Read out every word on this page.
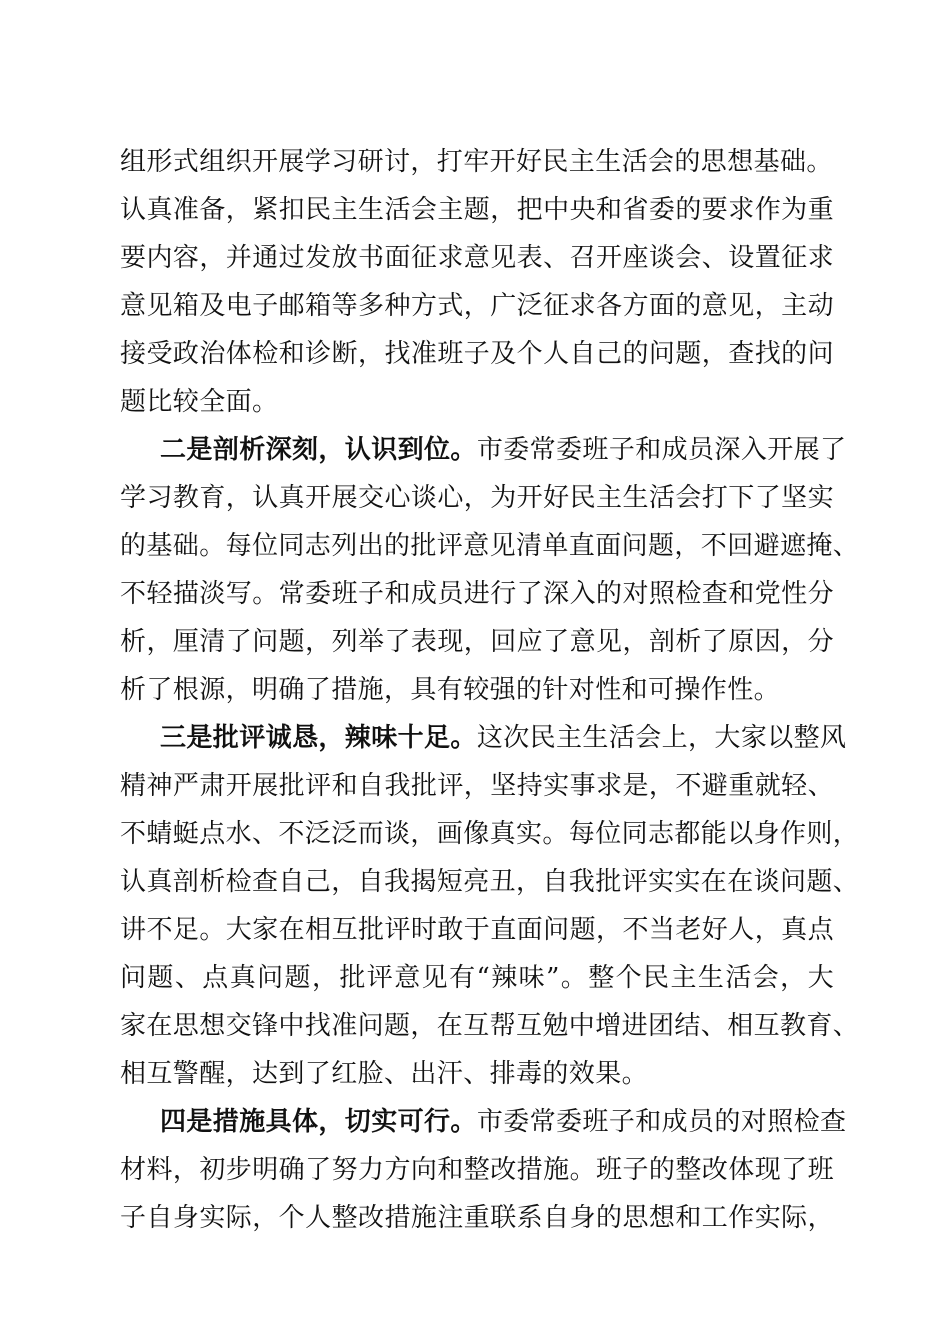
组形式组织开展学习研讨，打牢开好民主生活会的思想基础。
认真准备，紧扣民主生活会主题，把中央和省委的要求作为重
要内容，并通过发放书面征求意见表、召开座谈会、设置征求
意见箱及电子邮箱等多种方式，广泛征求各方面的意见，主动
接受政治体检和诊断，找准班子及个人自己的问题，查找的问
题比较全面。
二是剖析深刻，认识到位。市委常委班子和成员深入开展了
学习教育，认真开展交心谈心，为开好民主生活会打下了坚实
的基础。每位同志列出的批评意见清单直面问题，不回避遮掩、
不轻描淡写。常委班子和成员进行了深入的对照检查和党性分
析，厘清了问题，列举了表现，回应了意见，剖析了原因，分
析了根源，明确了措施，具有较强的针对性和可操作性。
三是批评诚恳，辣味十足。这次民主生活会上，大家以整风
精神严肃开展批评和自我批评，坚持实事求是，不避重就轻、
不蜻蜓点水、不泛泛而谈，画像真实。每位同志都能以身作则，
认真剖析检查自己，自我揭短亮丑，自我批评实实在在谈问题、
讲不足。大家在相互批评时敢于直面问题，不当老好人，真点
问题、点真问题，批评意见有“辣味”。整个民主生活会，大
家在思想交锋中找准问题，在互帮互勉中增进团结、相互教育、
相互警醒，达到了红脸、出汗、排毒的效果。
四是措施具体，切实可行。市委常委班子和成员的对照检查
材料，初步明确了努力方向和整改措施。班子的整改体现了班
子自身实际，个人整改措施注重联系自身的思想和工作实际，
